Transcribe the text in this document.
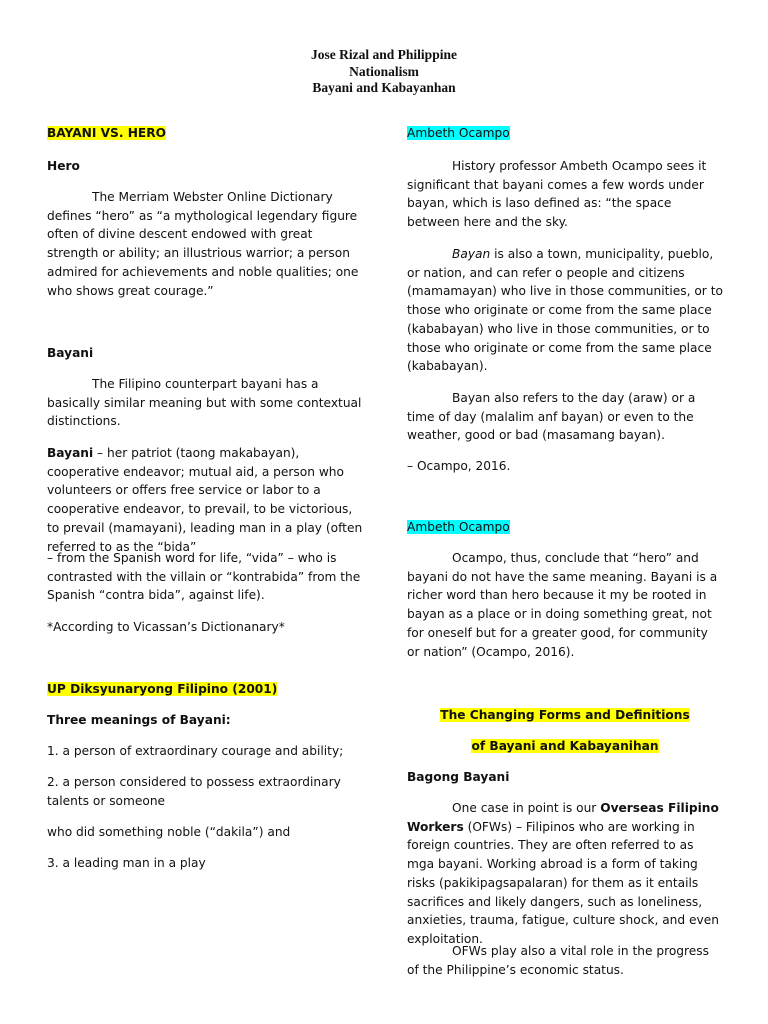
Jose Rizal and Philippine
Nationalism
Bayani and Kabayanhan

BAYANI VS. HERO

Hero

The Merriam Webster Online Dictionary defines “hero” as “a mythological legendary figure often of divine descent endowed with great strength or ability; an illustrious warrior; a person admired for achievements and noble qualities; one who shows great courage.”

Bayani

The Filipino counterpart bayani has a basically similar meaning but with some contextual distinctions.

Bayani – her patriot (taong makabayan), cooperative endeavor; mutual aid, a person who volunteers or offers free service or labor to a cooperative endeavor, to prevail, to be victorious, to prevail (mamayani), leading man in a play (often referred to as the “bida”

– from the Spanish word for life, “vida” – who is contrasted with the villain or “kontrabida” from the Spanish “contra bida”, against life).

*According to Vicassan’s Dictionanary*

UP Diksyunaryong Filipino (2001)

Three meanings of Bayani:

1. a person of extraordinary courage and ability;

2. a person considered to possess extraordinary talents or someone

who did something noble (“dakila”) and

3. a leading man in a play

Ambeth Ocampo

History professor Ambeth Ocampo sees it significant that bayani comes a few words under bayan, which is laso defined as: “the space between here and the sky.

Bayan is also a town, municipality, pueblo, or nation, and can refer o people and citizens (mamamayan) who live in those communities, or to those who originate or come from the same place (kababayan) who live in those communities, or to those who originate or come from the same place (kababayan).

Bayan also refers to the day (araw) or a time of day (malalim anf bayan) or even to the weather, good or bad (masamang bayan).

– Ocampo, 2016.

Ambeth Ocampo

Ocampo, thus, conclude that “hero” and bayani do not have the same meaning. Bayani is a richer word than hero because it my be rooted in bayan as a place or in doing something great, not for oneself but for a greater good, for community or nation” (Ocampo, 2016).

The Changing Forms and Definitions

of Bayani and Kabayanihan

Bagong Bayani

One case in point is our Overseas Filipino Workers (OFWs) – Filipinos who are working in foreign countries. They are often referred to as mga bayani. Working abroad is a form of taking risks (pakikipagsapalaran) for them as it entails sacrifices and likely dangers, such as loneliness, anxieties, trauma, fatigue, culture shock, and even exploitation.

OFWs play also a vital role in the progress of the Philippine’s economic status.
